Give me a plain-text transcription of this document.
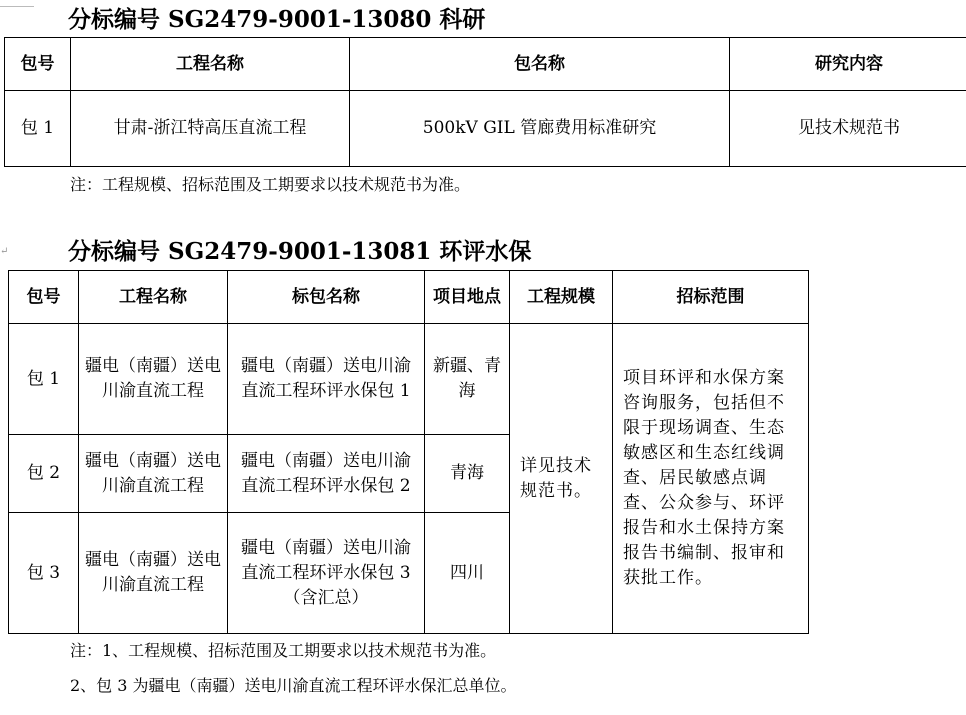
分标编号 SG2479-9001-13080 科研
包号	工程名称	包名称	研究内容
包 1	甘肃-浙江特高压直流工程	500kV GIL 管廊费用标准研究	见技术规范书
注：工程规模、招标范围及工期要求以技术规范书为准。
↵	分标编号 SG2479-9001-13081 环评水保
包号	工程名称	标包名称	项目地点	工程规模	招标范围
包 1	疆电（南疆）送电川渝直流工程	疆电（南疆）送电川渝直流工程环评水保包 1	新疆、青海	详见技术规范书。	项目环评和水保方案咨询服务，包括但不限于现场调查、生态敏感区和生态红线调查、居民敏感点调查、公众参与、环评报告和水土保持方案报告书编制、报审和获批工作。
包 2	疆电（南疆）送电川渝直流工程	疆电（南疆）送电川渝直流工程环评水保包 2	青海		
包 3	疆电（南疆）送电川渝直流工程	疆电（南疆）送电川渝直流工程环评水保包 3（含汇总）	四川		
注：1、工程规模、招标范围及工期要求以技术规范书为准。
2、包 3 为疆电（南疆）送电川渝直流工程环评水保汇总单位。
